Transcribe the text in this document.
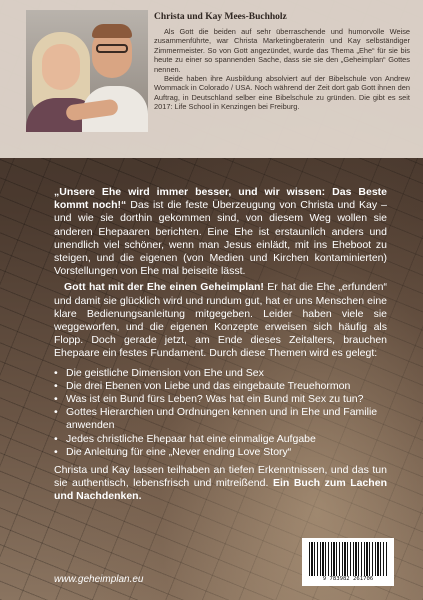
Christa und Kay Mees-Buchholz

Als Gott die beiden auf sehr überraschende und humorvolle Weise zusammenführte, war Christa Marketingberaterin und Kay selbständiger Zimmermeister. So von Gott angezündet, wurde das Thema „Ehe“ für sie bis heute zu einer so spannenden Sache, dass sie sie den „Geheimplan“ Gottes nennen.

Beide haben ihre Ausbildung absolviert auf der Bibelschule von Andrew Wommack in Colorado / USA. Noch während der Zeit dort gab Gott ihnen den Auftrag, in Deutschland selber eine Bibelschule zu gründen. Die gibt es seit 2017: Life School in Kenzingen bei Freiburg.

„Unsere Ehe wird immer besser, und wir wissen: Das Beste kommt noch!“ Das ist die feste Überzeugung von Christa und Kay – und wie sie dorthin gekommen sind, von diesem Weg wollen sie anderen Ehepaaren berichten. Eine Ehe ist erstaunlich anders und unendlich viel schöner, wenn man Jesus einlädt, mit ins Eheboot zu steigen, und die eigenen (von Medien und Kirchen kontaminierten) Vorstellungen von Ehe mal beiseite lässt.

Gott hat mit der Ehe einen Geheimplan! Er hat die Ehe „erfunden“ und damit sie glücklich wird und rundum gut, hat er uns Menschen eine klare Bedienungsanleitung mitgegeben. Leider haben viele sie weggeworfen, und die eigenen Konzepte erweisen sich häufig als Flopp. Doch gerade jetzt, am Ende dieses Zeitalters, brauchen Ehepaare ein festes Fundament. Durch diese Themen wird es gelegt:

• Die geistliche Dimension von Ehe und Sex
• Die drei Ebenen von Liebe und das eingebaute Treuehormon
• Was ist ein Bund fürs Leben? Was hat ein Bund mit Sex zu tun?
• Gottes Hierarchien und Ordnungen kennen und in Ehe und Familie anwenden
• Jedes christliche Ehepaar hat eine einmalige Aufgabe
• Die Anleitung für eine „Never ending Love Story“

Christa und Kay lassen teilhaben an tiefen Erkenntnissen, und das tun sie authentisch, lebensfrisch und mitreißend. Ein Buch zum Lachen und Nachdenken.

www.geheimplan.eu	9 783982 261706
